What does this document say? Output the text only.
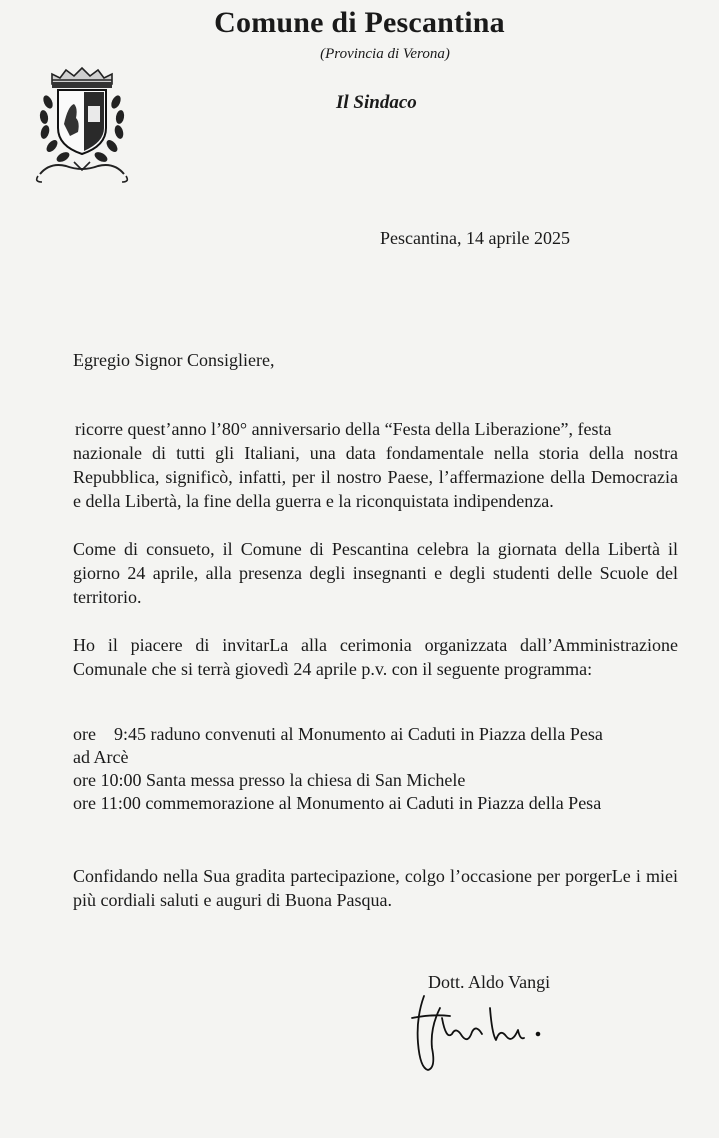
Comune di Pescantina
(Provincia di Verona)
Il Sindaco
Pescantina, 14 aprile 2025
Egregio Signor Consigliere,

ricorre quest’anno l’80° anniversario della “Festa della Liberazione”, festa

nazionale di tutti gli Italiani, una data fondamentale nella storia della nostra Repubblica, significò, infatti, per il nostro Paese, l’affermazione della Democrazia e della Libertà, la fine della guerra e la riconquistata indipendenza.

Come di consueto, il Comune di Pescantina celebra la giornata della Libertà il giorno 24 aprile, alla presenza degli insegnanti e degli studenti delle Scuole del territorio.

Ho il piacere di invitarLa alla cerimonia organizzata dall’Amministrazione Comunale che si terrà giovedì 24 aprile p.v. con il seguente programma:

ore    9:45 raduno convenuti al Monumento ai Caduti in Piazza della Pesa
ad Arcè
ore 10:00 Santa messa presso la chiesa di San Michele
ore 11:00 commemorazione al Monumento ai Caduti in Piazza della Pesa

Confidando nella Sua gradita partecipazione, colgo l’occasione per porgerLe i miei più cordiali saluti e auguri di Buona Pasqua.

Dott. Aldo Vangi
